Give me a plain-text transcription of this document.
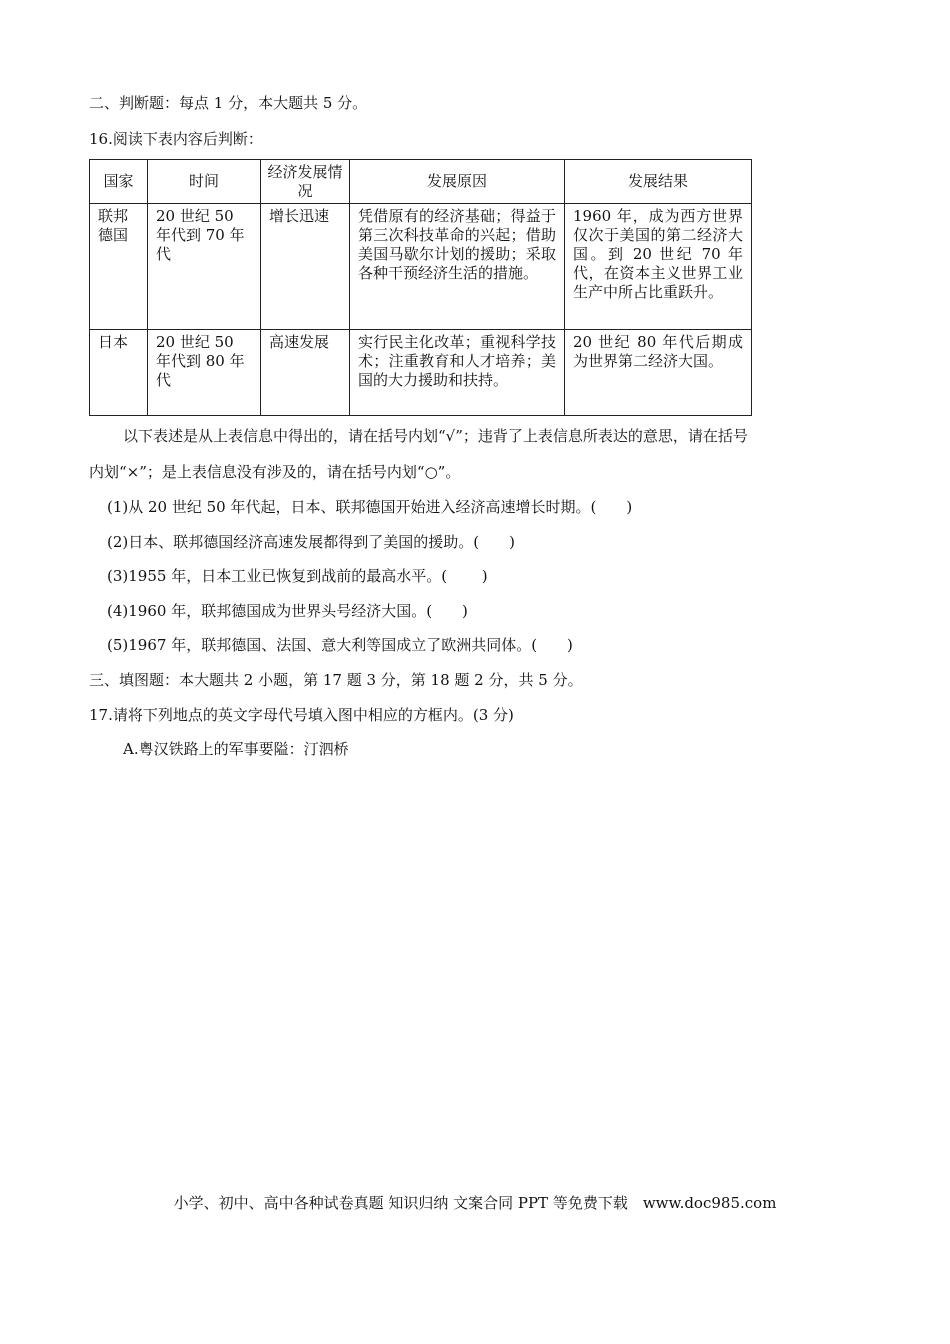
二、判断题：每点 1 分，本大题共 5 分。
16.阅读下表内容后判断：
国家	时间	经济发展情况	发展原因	发展结果
联邦德国	20 世纪 50 年代到 70 年代	增长迅速	凭借原有的经济基础；得益于第三次科技革命的兴起；借助美国马歇尔计划的援助；采取各种干预经济生活的措施。	1960 年，成为西方世界仅次于美国的第二经济大国。到 20 世纪 70 年代，在资本主义世界工业生产中所占比重跃升。
日本	20 世纪 50 年代到 80 年代	高速发展	实行民主化改革；重视科学技术；注重教育和人才培养；美国的大力援助和扶持。	20 世纪 80 年代后期成为世界第二经济大国。
以下表述是从上表信息中得出的，请在括号内划“√”；违背了上表信息所表达的意思，请在括号
内划“×”；是上表信息没有涉及的，请在括号内划“○”。
(1)从 20 世纪 50 年代起，日本、联邦德国开始进入经济高速增长时期。(　　)
(2)日本、联邦德国经济高速发展都得到了美国的援助。(　　)
(3)1955 年，日本工业已恢复到战前的最高水平。(　　 )
(4)1960 年，联邦德国成为世界头号经济大国。(　　)
(5)1967 年，联邦德国、法国、意大利等国成立了欧洲共同体。(　　)
三、填图题：本大题共 2 小题，第 17 题 3 分，第 18 题 2 分，共 5 分。
17.请将下列地点的英文字母代号填入图中相应的方框内。(3 分)
A.粤汉铁路上的军事要隘：汀泗桥
小学、初中、高中各种试卷真题 知识归纳 文案合同 PPT 等免费下载　www.doc985.com
